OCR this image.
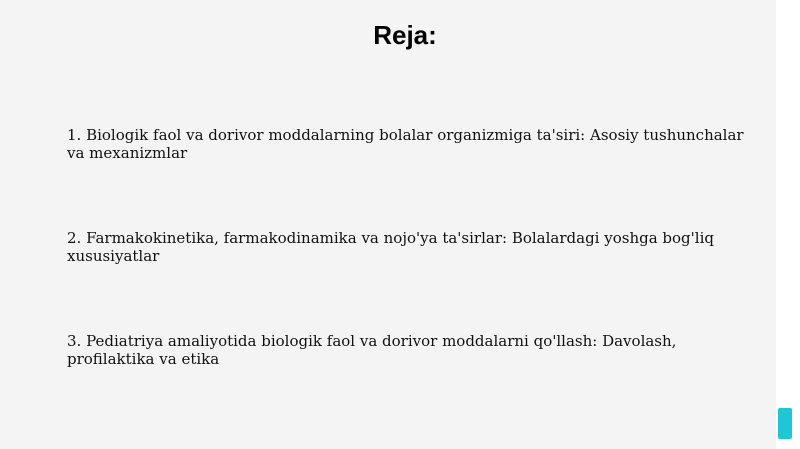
Reja:

1. Biologik faol va dorivor moddalarning bolalar organizmiga ta'siri: Asosiy tushunchalar va mexanizmlar

2. Farmakokinetika, farmakodinamika va nojo'ya ta'sirlar: Bolalardagi yoshga bog'liq xususiyatlar

3. Pediatriya amaliyotida biologik faol va dorivor moddalarni qo'llash: Davolash, profilaktika va etika
